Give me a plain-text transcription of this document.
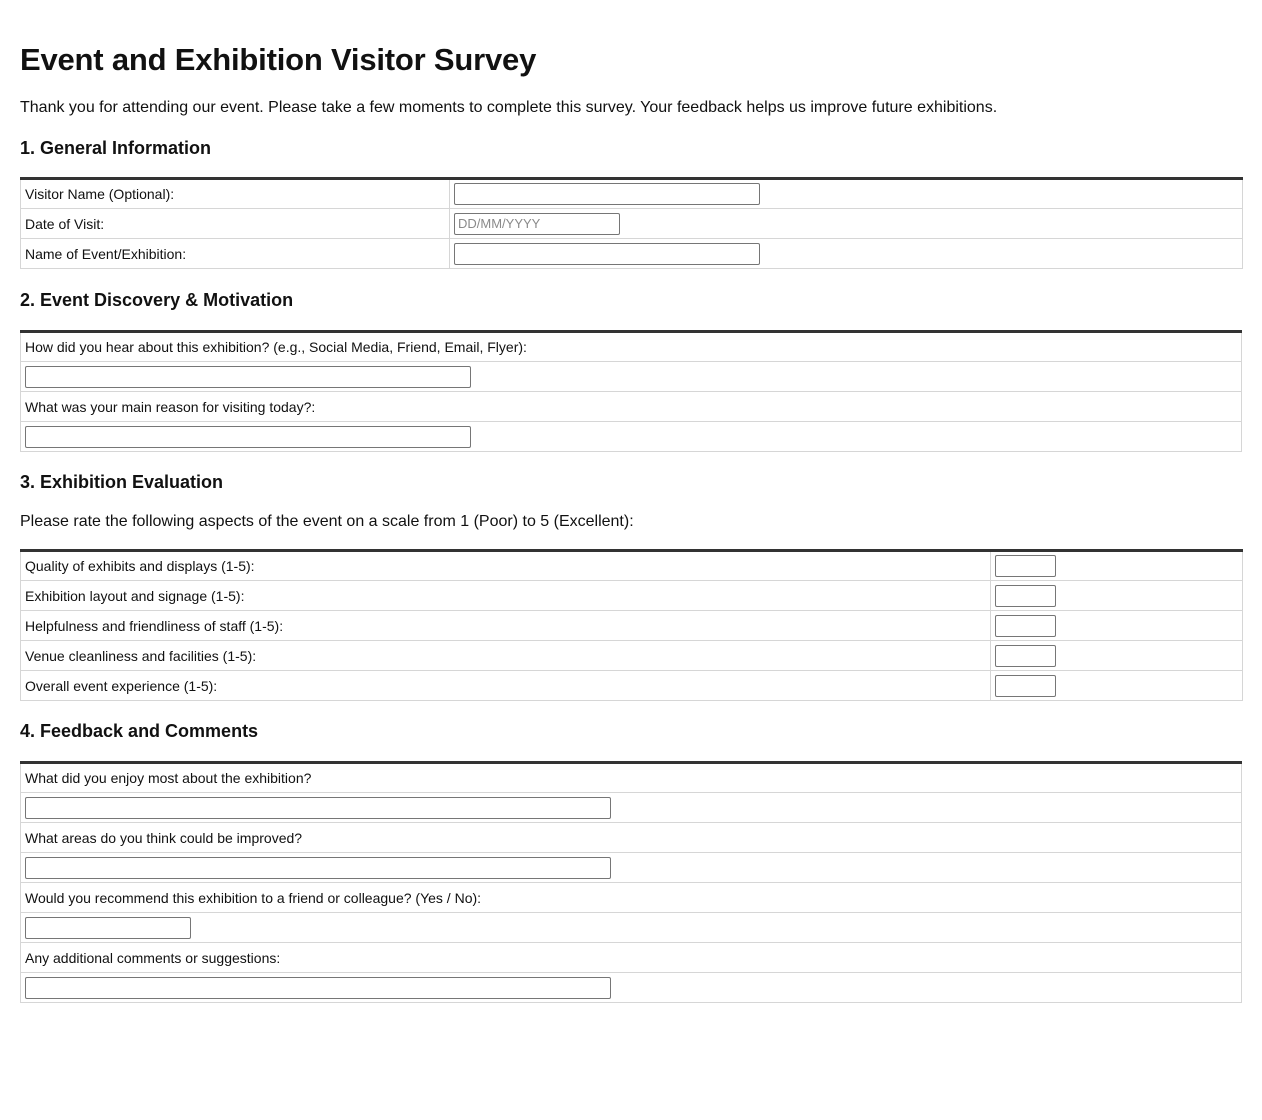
Event and Exhibition Visitor Survey

Thank you for attending our event. Please take a few moments to complete this survey. Your feedback helps us improve future exhibitions.

1. General Information
Visitor Name (Optional):	

Date of Visit:	
DD/MM/YYYY
Name of Event/Exhibition:	
2. Event Discovery & Motivation
How did you hear about this exhibition? (e.g., Social Media, Friend, Email, Flyer):

What was your main reason for visiting today?:

3. Exhibition Evaluation

Please rate the following aspects of the event on a scale from 1 (Poor) to 5 (Excellent):

Quality of exhibits and displays (1-5):	

Exhibition layout and signage (1-5):	

Helpfulness and friendliness of staff (1-5):	

Venue cleanliness and facilities (1-5):	

Overall event experience (1-5):	
4. Feedback and Comments
What did you enjoy most about the exhibition?

What areas do you think could be improved?

Would you recommend this exhibition to a friend or colleague? (Yes / No):

Any additional comments or suggestions:
